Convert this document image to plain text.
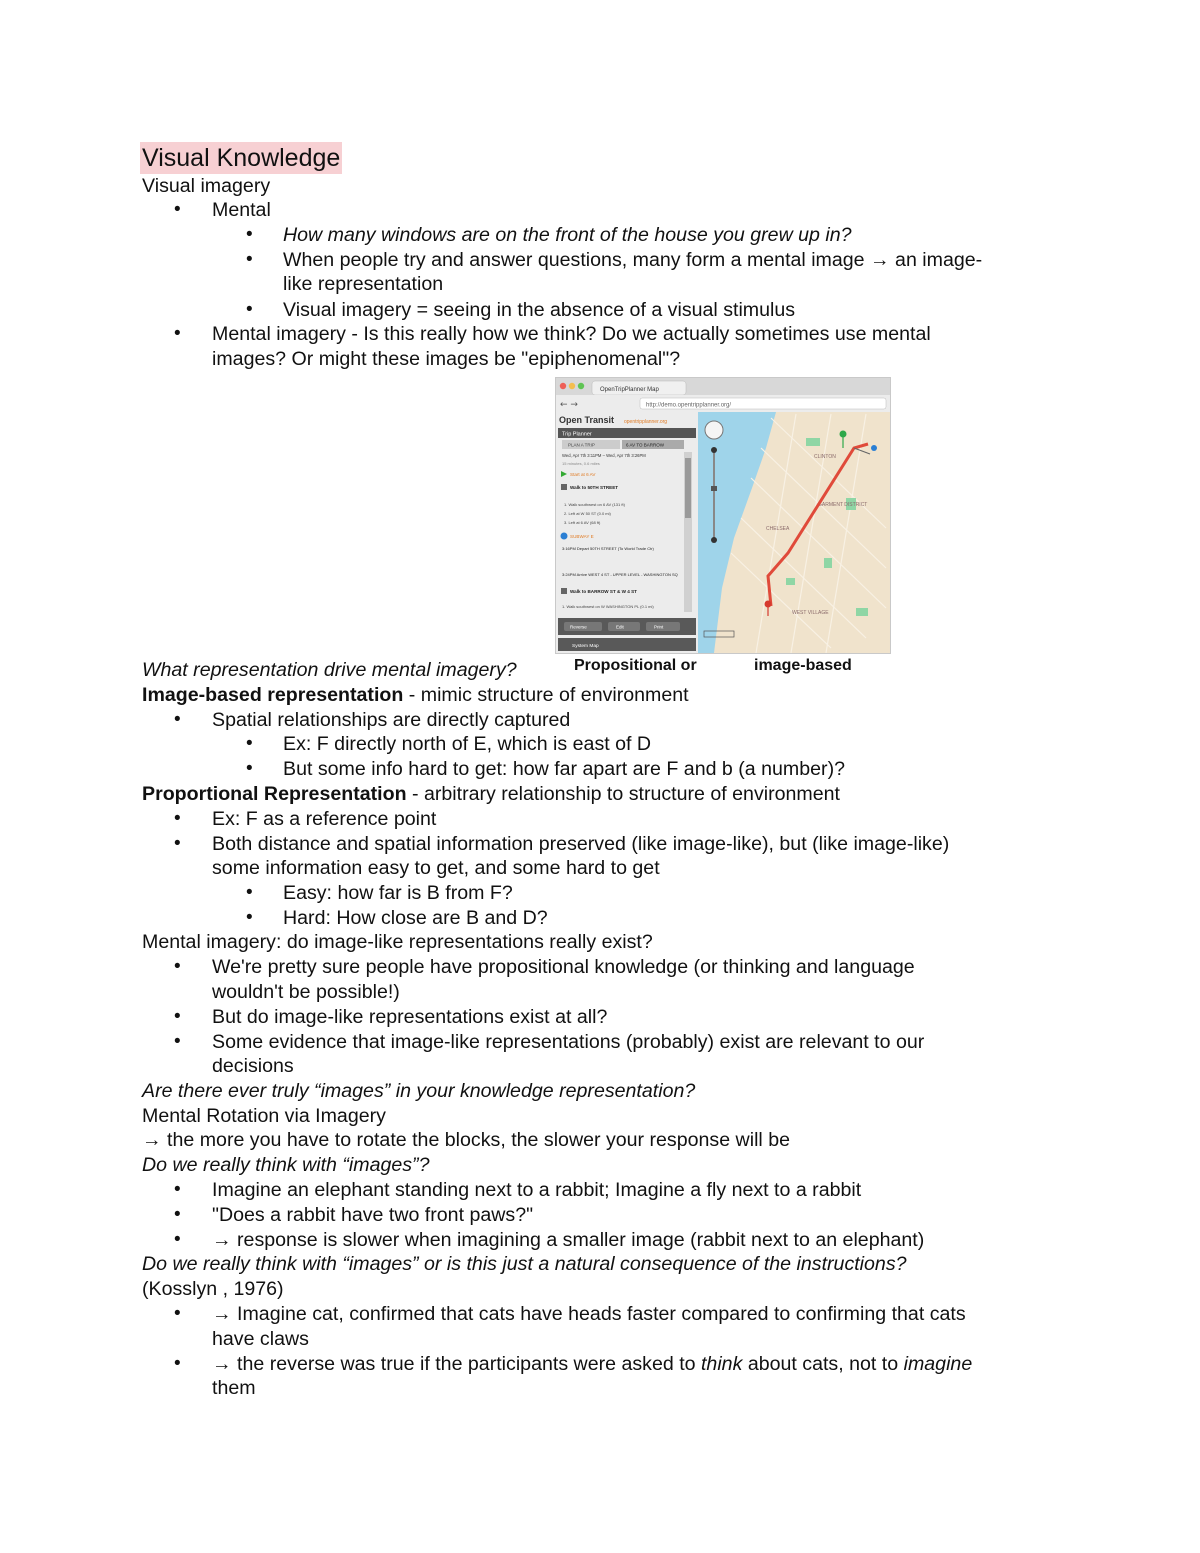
Visual Knowledge
Visual imagery
• Mental
• How many windows are on the front of the house you grew up in?
• When people try and answer questions, many form a mental image → an image-
like representation
• Visual imagery = seeing in the absence of a visual stimulus
• Mental imagery - Is this really how we think? Do we actually sometimes use mental
images? Or might these images be "epiphenomenal"?
OpenTripPlanner Map
← →	http://demo.opentripplanner.org/
Open Transit opentripplanner.org
Trip Planner
PLAN A TRIP	6 AV TO BARROW
Wed, Apr 7th 3:11PM – Wed, Apr 7th 3:26PM
15 minutes, 0.6 miles
Start at 6 AV
Walk to 50TH STREET
1. Walk southwest on 6 AV (131 ft)
2. Left at W 50 ST (0.0 mi)
3. Left at 6 AV (68 ft)
SUBWAY E
3:16PM Depart 50TH STREET (To World Trade Ctr)
3:24PM Arrive WEST 4 ST - UPPER LEVEL - WASHINGTON SQ
Walk to BARROW ST & W 4 ST
1. Walk southwest on W WASHINGTON PL (0.1 mi)
Reverse	Edit	Print
System Map
CLINTON
GARMENT DISTRICT
CHELSEA
WEST VILLAGE
Propositional or	image-based
What representation drive mental imagery?
Image-based representation - mimic structure of environment
• Spatial relationships are directly captured
• Ex: F directly north of E, which is east of D
• But some info hard to get: how far apart are F and b (a number)?
Proportional Representation - arbitrary relationship to structure of environment
• Ex: F as a reference point
• Both distance and spatial information preserved (like image-like), but (like image-like)
some information easy to get, and some hard to get
• Easy: how far is B from F?
• Hard: How close are B and D?
Mental imagery: do image-like representations really exist?
• We're pretty sure people have propositional knowledge (or thinking and language
wouldn't be possible!)
• But do image-like representations exist at all?
• Some evidence that image-like representations (probably) exist are relevant to our
decisions
Are there ever truly “images” in your knowledge representation?
Mental Rotation via Imagery
→ the more you have to rotate the blocks, the slower your response will be
Do we really think with “images”?
• Imagine an elephant standing next to a rabbit; Imagine a fly next to a rabbit
• "Does a rabbit have two front paws?"
• → response is slower when imagining a smaller image (rabbit next to an elephant)
Do we really think with “images” or is this just a natural consequence of the instructions?
(Kosslyn , 1976)
• → Imagine cat, confirmed that cats have heads faster compared to confirming that cats
have claws
• → the reverse was true if the participants were asked to think about cats, not to imagine
them
